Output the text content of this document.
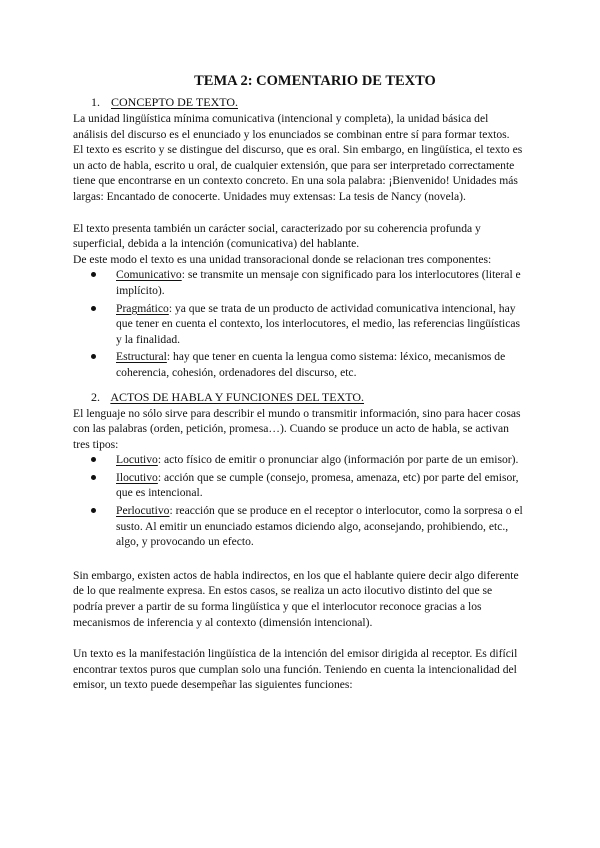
TEMA 2: COMENTARIO DE TEXTO
1. CONCEPTO DE TEXTO.

La unidad lingüística mínima comunicativa (intencional y completa), la unidad básica del análisis del discurso es el enunciado y los enunciados se combinan entre sí para formar textos.

El texto es escrito y se distingue del discurso, que es oral. Sin embargo, en lingüística, el texto es un acto de habla, escrito u oral, de cualquier extensión, que para ser interpretado correctamente tiene que encontrarse en un contexto concreto. En una sola palabra: ¡Bienvenido! Unidades más largas: Encantado de conocerte. Unidades muy extensas: La tesis de Nancy (novela).

El texto presenta también un carácter social, caracterizado por su coherencia profunda y superficial, debida a la intención (comunicativa) del hablante.

De este modo el texto es una unidad transoracional donde se relacionan tres componentes:

Comunicativo: se transmite un mensaje con significado para los interlocutores (literal e implícito).
Pragmático: ya que se trata de un producto de actividad comunicativa intencional, hay que tener en cuenta el contexto, los interlocutores, el medio, las referencias lingüísticas y la finalidad.
Estructural: hay que tener en cuenta la lengua como sistema: léxico, mecanismos de coherencia, cohesión, ordenadores del discurso, etc.
2. ACTOS DE HABLA Y FUNCIONES DEL TEXTO.

El lenguaje no sólo sirve para describir el mundo o transmitir información, sino para hacer cosas con las palabras (orden, petición, promesa…). Cuando se produce un acto de habla, se activan tres tipos:

Locutivo: acto físico de emitir o pronunciar algo (información por parte de un emisor).
Ilocutivo: acción que se cumple (consejo, promesa, amenaza, etc) por parte del emisor, que es intencional.
Perlocutivo: reacción que se produce en el receptor o interlocutor, como la sorpresa o el susto. Al emitir un enunciado estamos diciendo algo, aconsejando, prohibiendo, etc., algo, y provocando un efecto.

Sin embargo, existen actos de habla indirectos, en los que el hablante quiere decir algo diferente de lo que realmente expresa. En estos casos, se realiza un acto ilocutivo distinto del que se podría prever a partir de su forma lingüística y que el interlocutor reconoce gracias a los mecanismos de inferencia y al contexto (dimensión intencional).

Un texto es la manifestación lingüística de la intención del emisor dirigida al receptor. Es difícil encontrar textos puros que cumplan solo una función. Teniendo en cuenta la intencionalidad del emisor, un texto puede desempeñar las siguientes funciones:
